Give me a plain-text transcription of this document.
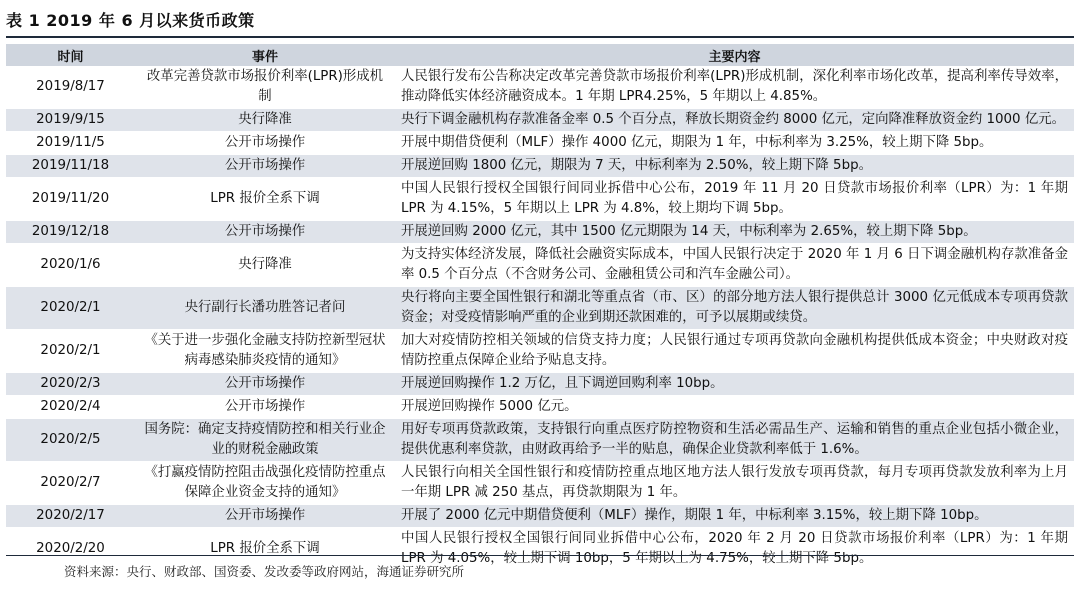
表 1 2019 年 6 月以来货币政策
时间	事件	主要内容
2019/8/17	改革完善贷款市场报价利率(LPR)形成机制	人民银行发布公告称决定改革完善贷款市场报价利率(LPR)形成机制，深化利率市场化改革，提高利率传导效率，推动降低实体经济融资成本。1 年期 LPR4.25%，5 年期以上 4.85%。
2019/9/15	央行降准	央行下调金融机构存款准备金率 0.5 个百分点，释放长期资金约 8000 亿元，定向降准释放资金约 1000 亿元。
2019/11/5	公开市场操作	开展中期借贷便利（MLF）操作 4000 亿元，期限为 1 年，中标利率为 3.25%，较上期下降 5bp。
2019/11/18	公开市场操作	开展逆回购 1800 亿元，期限为 7 天，中标利率为 2.50%，较上期下降 5bp。
2019/11/20	LPR 报价全系下调	中国人民银行授权全国银行间同业拆借中心公布，2019 年 11 月 20 日贷款市场报价利率（LPR）为：1 年期 LPR 为 4.15%，5 年期以上 LPR 为 4.8%，较上期均下调 5bp。
2019/12/18	公开市场操作	开展逆回购 2000 亿元，其中 1500 亿元期限为 14 天，中标利率为 2.65%，较上期下降 5bp。
2020/1/6	央行降准	为支持实体经济发展，降低社会融资实际成本，中国人民银行决定于 2020 年 1 月 6 日下调金融机构存款准备金率 0.5 个百分点（不含财务公司、金融租赁公司和汽车金融公司）。
2020/2/1	央行副行长潘功胜答记者问	央行将向主要全国性银行和湖北等重点省（市、区）的部分地方法人银行提供总计 3000 亿元低成本专项再贷款资金；对受疫情影响严重的企业到期还款困难的，可予以展期或续贷。
2020/2/1	《关于进一步强化金融支持防控新型冠状病毒感染肺炎疫情的通知》	加大对疫情防控相关领域的信贷支持力度；人民银行通过专项再贷款向金融机构提供低成本资金；中央财政对疫情防控重点保障企业给予贴息支持。
2020/2/3	公开市场操作	开展逆回购操作 1.2 万亿，且下调逆回购利率 10bp。
2020/2/4	公开市场操作	开展逆回购操作 5000 亿元。
2020/2/5	国务院：确定支持疫情防控和相关行业企业的财税金融政策	用好专项再贷款政策，支持银行向重点医疗防控物资和生活必需品生产、运输和销售的重点企业包括小微企业，提供优惠利率贷款，由财政再给予一半的贴息，确保企业贷款利率低于 1.6%。
2020/2/7	《打赢疫情防控阻击战强化疫情防控重点保障企业资金支持的通知》	人民银行向相关全国性银行和疫情防控重点地区地方法人银行发放专项再贷款，每月专项再贷款发放利率为上月一年期 LPR 减 250 基点，再贷款期限为 1 年。
2020/2/17	公开市场操作	开展了 2000 亿元中期借贷便利（MLF）操作，期限 1 年，中标利率 3.15%，较上期下降 10bp。
2020/2/20	LPR 报价全系下调	中国人民银行授权全国银行间同业拆借中心公布，2020 年 2 月 20 日贷款市场报价利率（LPR）为：1 年期 LPR 为 4.05%，较上期下调 10bp，5 年期以上为 4.75%，较上期下降 5bp。
资料来源：央行、财政部、国资委、发改委等政府网站，海通证券研究所
